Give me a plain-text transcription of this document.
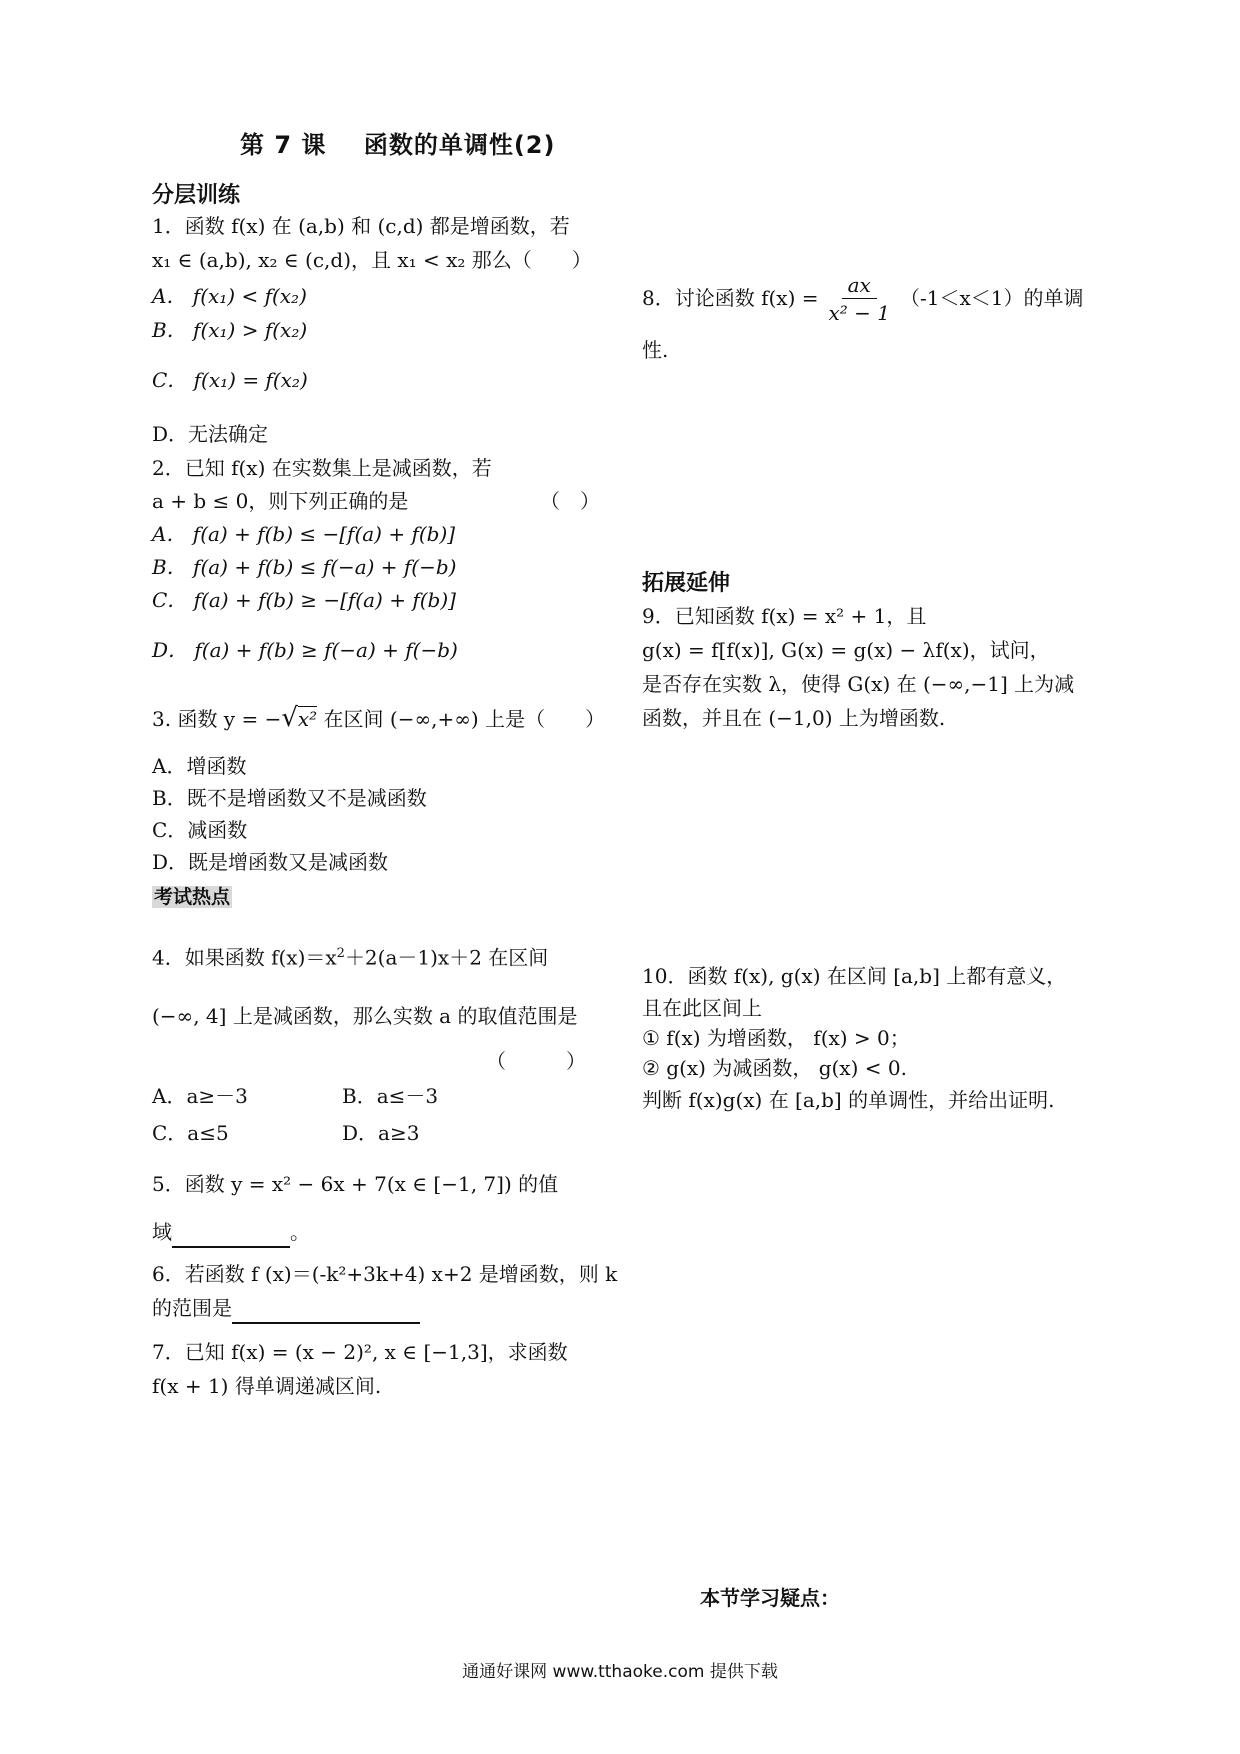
第 7 课    函数的单调性(2)
分层训练
1．函数 f(x) 在 (a,b) 和 (c,d) 都是增函数，若
x₁ ∈ (a,b), x₂ ∈ (c,d)，且 x₁ < x₂ 那么（　　）
A． f(x₁) < f(x₂)
B． f(x₁) > f(x₂)
C． f(x₁) = f(x₂)
D．无法确定
2．已知 f(x) 在实数集上是减函数，若
a + b ≤ 0，则下列正确的是	（　）
A． f(a) + f(b) ≤ −[f(a) + f(b)]
B． f(a) + f(b) ≤ f(−a) + f(−b)
C． f(a) + f(b) ≥ −[f(a) + f(b)]
D． f(a) + f(b) ≥ f(−a) + f(−b)
3. 函数 y = −√x² 在区间 (−∞,+∞) 上是（　　）
A．增函数
B．既不是增函数又不是减函数
C．减函数
D．既是增函数又是减函数
考试热点
4．如果函数 $f(x)=x^2+2(a-1)x+2$ 在区间
(−∞, 4] 上是减函数，那么实数 a 的取值范围是
（　　　）
A．a≥－3	B．a≤－3
C．a≤5	D．a≥3
5．函数 y = x² − 6x + 7(x ∈ [−1, 7]) 的值
域	。
6．若函数 f (x)＝(-k²+3k+4) x+2 是增函数，则 k
的范围是
7．已知 f(x) = (x − 2)², x ∈ [−1,3]，求函数
f(x + 1) 得单调递减区间.
8．讨论函数 $f(x) = \frac{ax}{\text{x² − 1}} (-1<x<1)$的单调
性.
拓展延伸
9．已知函数 f(x) = x² + 1，且
g(x) = f[f(x)], G(x) = g(x) − λf(x)，试问，
是否存在实数 λ，使得 G(x) 在 (−∞,−1] 上为减
函数，并且在 (−1,0) 上为增函数.
10．函数 f(x), g(x) 在区间 [a,b] 上都有意义，
且在此区间上
① f(x) 为增函数， f(x) > 0；
② g(x) 为减函数， g(x) < 0.
判断 f(x)g(x) 在 [a,b] 的单调性，并给出证明.
本节学习疑点：
通通好课网 www.tthaoke.com 提供下载
